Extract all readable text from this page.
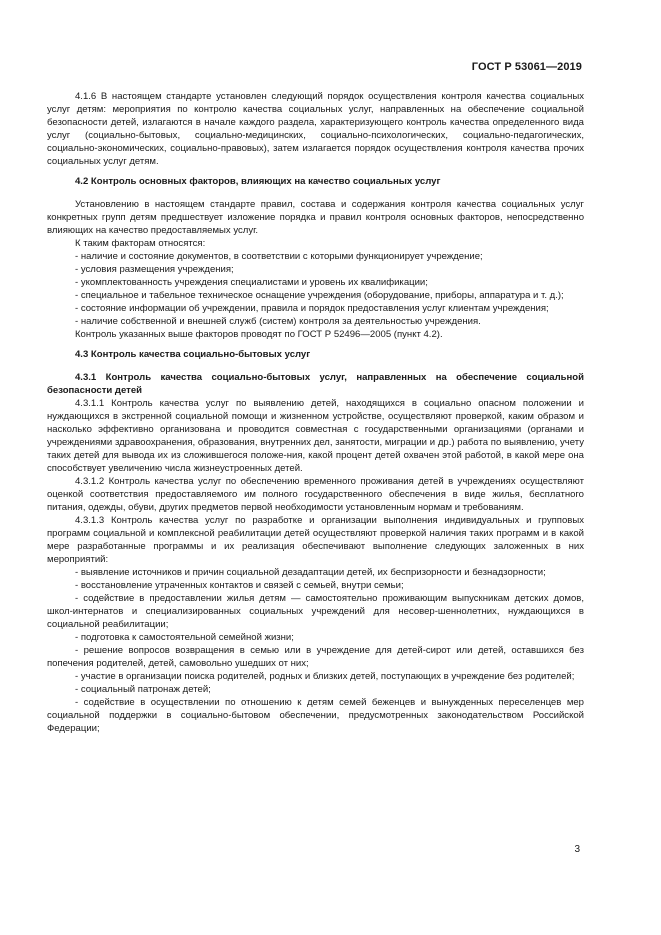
ГОСТ Р 53061—2019

4.1.6 В настоящем стандарте установлен следующий порядок осуществления контроля качества социальных услуг детям: мероприятия по контролю качества социальных услуг, направленных на обеспечение социальной безопасности детей, излагаются в начале каждого раздела, характеризующего контроль качества определенного вида услуг (социально-бытовых, социально-медицинских, социально-психологических, социально-педагогических, социально-экономических, социально-правовых), затем излагается порядок осуществления контроля качества прочих социальных услуг детям.

4.2 Контроль основных факторов, влияющих на качество социальных услуг

Установлению в настоящем стандарте правил, состава и содержания контроля качества социальных услуг конкретных групп детям предшествует изложение порядка и правил контроля основных факторов, непосредственно влияющих на качество предоставляемых услуг.

К таким факторам относятся:

- наличие и состояние документов, в соответствии с которыми функционирует учреждение;

- условия размещения учреждения;

- укомплектованность учреждения специалистами и уровень их квалификации;

- специальное и табельное техническое оснащение учреждения (оборудование, приборы, аппаратура и т. д.);

- состояние информации об учреждении, правила и порядок предоставления услуг клиентам учреждения;

- наличие собственной и внешней служб (систем) контроля за деятельностью учреждения.

Контроль указанных выше факторов проводят по ГОСТ Р 52496—2005 (пункт 4.2).

4.3 Контроль качества социально-бытовых услуг

4.3.1 Контроль качества социально-бытовых услуг, направленных на обеспечение социальной безопасности детей

4.3.1.1 Контроль качества услуг по выявлению детей, находящихся в социально опасном положении и нуждающихся в экстренной социальной помощи и жизненном устройстве, осуществляют проверкой, каким образом и насколько эффективно организована и проводится совместная с государственными организациями (органами и учреждениями здравоохранения, образования, внутренних дел, занятости, миграции и др.) работа по выявлению, учету таких детей для вывода их из сложившегося положе-ния, какой процент детей охвачен этой работой, в какой мере она способствует увеличению числа жизнеустроенных детей.

4.3.1.2 Контроль качества услуг по обеспечению временного проживания детей в учреждениях осуществляют оценкой соответствия предоставляемого им полного государственного обеспечения в виде жилья, бесплатного питания, одежды, обуви, других предметов первой необходимости установленным нормам и требованиям.

4.3.1.3 Контроль качества услуг по разработке и организации выполнения индивидуальных и групповых программ социальной и комплексной реабилитации детей осуществляют проверкой наличия таких программ и в какой мере разработанные программы и их реализация обеспечивают выполнение следующих заложенных в них мероприятий:

- выявление источников и причин социальной дезадаптации детей, их беспризорности и безнадзорности;

- восстановление утраченных контактов и связей с семьей, внутри семьи;

- содействие в предоставлении жилья детям — самостоятельно проживающим выпускникам детских домов, школ-интернатов и специализированных социальных учреждений для несовер-шеннолетних, нуждающихся в социальной реабилитации;

- подготовка к самостоятельной семейной жизни;

- решение вопросов возвращения в семью или в учреждение для детей-сирот или детей, оставшихся без попечения родителей, детей, самовольно ушедших от них;

- участие в организации поиска родителей, родных и близких детей, поступающих в учреждение без родителей;

- социальный патронаж детей;

- содействие в осуществлении по отношению к детям семей беженцев и вынужденных переселенцев мер социальной поддержки в социально-бытовом обеспечении, предусмотренных законодательством Российской Федерации;

3
